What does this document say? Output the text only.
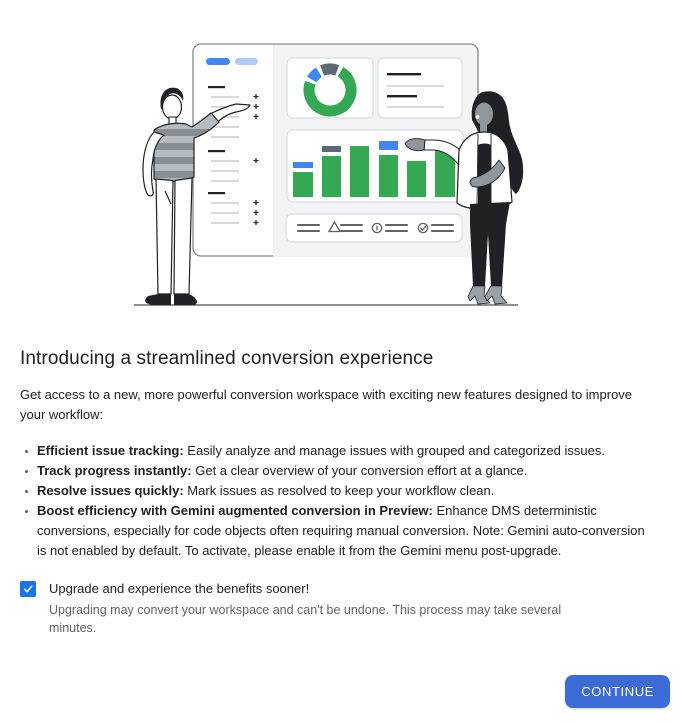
Introducing a streamlined conversion experience

Get access to a new, more powerful conversion workspace with exciting new features designed to improve your workflow:

Efficient issue tracking: Easily analyze and manage issues with grouped and categorized issues.
Track progress instantly: Get a clear overview of your conversion effort at a glance.
Resolve issues quickly: Mark issues as resolved to keep your workflow clean.
Boost efficiency with Gemini augmented conversion in Preview: Enhance DMS deterministic conversions, especially for code objects often requiring manual conversion. Note: Gemini auto-conversion is not enabled by default. To activate, please enable it from the Gemini menu post-upgrade.
Upgrade and experience the benefits sooner!
Upgrading may convert your workspace and can't be undone. This process may take several minutes.
CONTINUE
